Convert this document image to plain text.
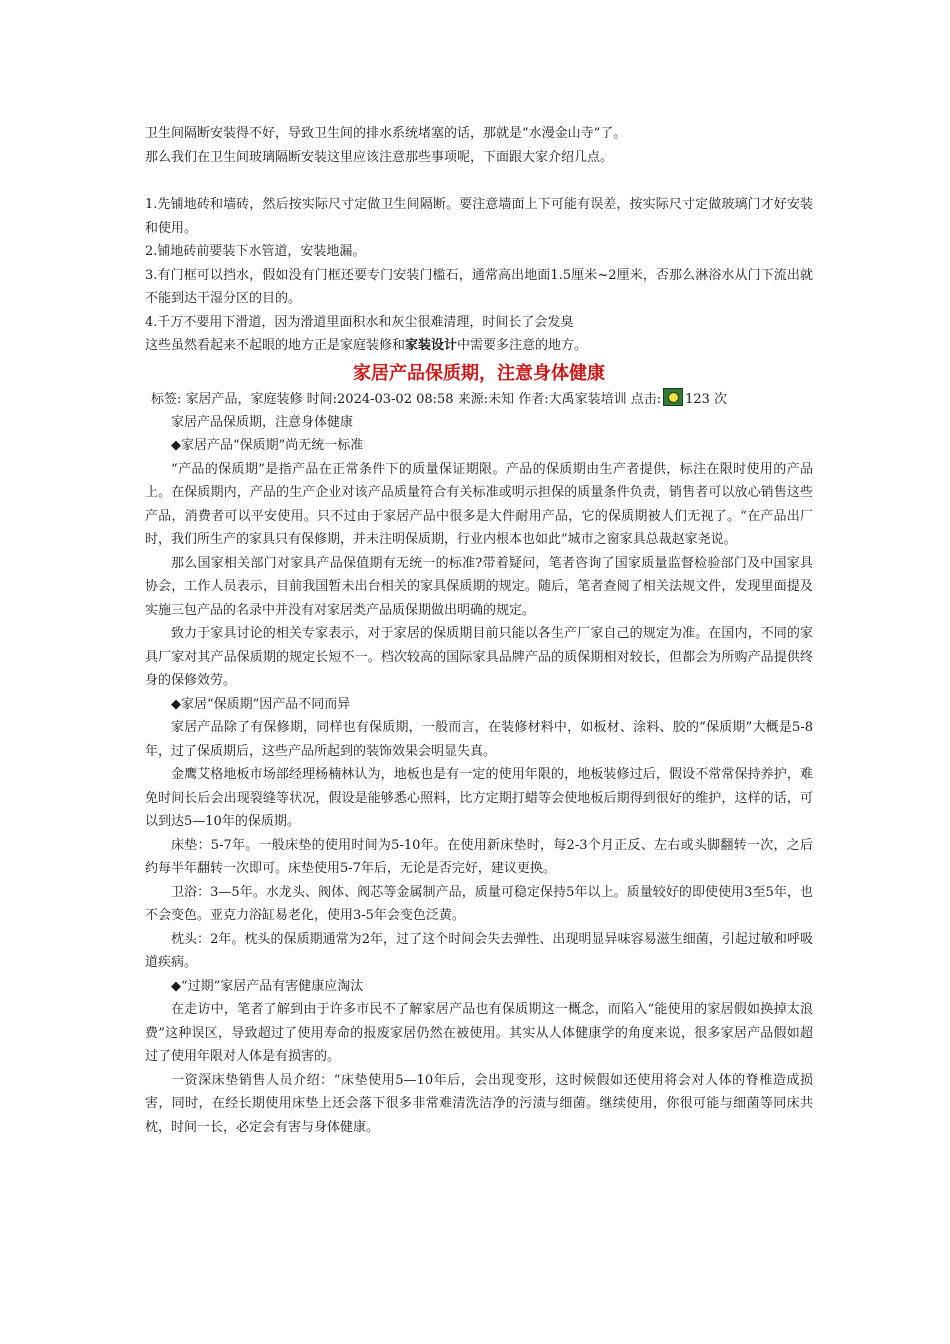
卫生间隔断安装得不好，导致卫生间的排水系统堵塞的话，那就是“水漫金山寺”了。

那么我们在卫生间玻璃隔断安装这里应该注意那些事项呢，下面跟大家介绍几点。

1.先铺地砖和墙砖，然后按实际尺寸定做卫生间隔断。要注意墙面上下可能有误差，按实际尺寸定做玻璃门才好安装和使用。

2.铺地砖前要装下水管道，安装地漏。

3.有门框可以挡水，假如没有门框还要专门安装门槛石，通常高出地面1.5厘米~2厘米，否那么淋浴水从门下流出就不能到达干湿分区的目的。

4.千万不要用下滑道，因为滑道里面积水和灰尘很难清理，时间长了会发臭

这些虽然看起来不起眼的地方正是家庭装修和家装设计中需要多注意的地方。

家居产品保质期，注意身体健康

标签: 家居产品，家庭装修 时间:2024-03-02 08:58 来源:未知 作者:大禹家装培训 点击: 123 次

家居产品保质期，注意身体健康

◆家居产品“保质期”尚无统一标准

“产品的保质期”是指产品在正常条件下的质量保证期限。产品的保质期由生产者提供，标注在限时使用的产品上。在保质期内，产品的生产企业对该产品质量符合有关标准或明示担保的质量条件负责，销售者可以放心销售这些产品，消费者可以平安使用。只不过由于家居产品中很多是大件耐用产品，它的保质期被人们无视了。“在产品出厂时，我们所生产的家具只有保修期，并未注明保质期，行业内根本也如此”城市之窗家具总裁赵家尧说。

那么国家相关部门对家具产品保值期有无统一的标准?带着疑问，笔者咨询了国家质量监督检验部门及中国家具协会，工作人员表示，目前我国暂未出台相关的家具保质期的规定。随后，笔者查阅了相关法规文件，发现里面提及实施三包产品的名录中并没有对家居类产品质保期做出明确的规定。

致力于家具讨论的相关专家表示，对于家居的保质期目前只能以各生产厂家自己的规定为准。在国内，不同的家具厂家对其产品保质期的规定长短不一。档次较高的国际家具品牌产品的质保期相对较长，但都会为所购产品提供终身的保修效劳。

◆家居“保质期”因产品不同而异

家居产品除了有保修期，同样也有保质期，一般而言，在装修材料中，如板材、涂料、胶的“保质期”大概是5-8年，过了保质期后，这些产品所起到的装饰效果会明显失真。

金鹰艾格地板市场部经理杨楠林认为，地板也是有一定的使用年限的，地板装修过后，假设不常常保持养护，难免时间长后会出现裂缝等状况，假设是能够悉心照料，比方定期打蜡等会使地板后期得到很好的维护，这样的话，可以到达5—10年的保质期。

床垫：5-7年。一般床垫的使用时间为5-10年。在使用新床垫时，每2-3个月正反、左右或头脚翻转一次，之后约每半年翻转一次即可。床垫使用5-7年后，无论是否完好，建议更换。

卫浴：3—5年。水龙头、阀体、阀芯等金属制产品，质量可稳定保持5年以上。质量较好的即使使用3至5年，也不会变色。亚克力浴缸易老化，使用3-5年会变色泛黄。

枕头：2年。枕头的保质期通常为2年，过了这个时间会失去弹性、出现明显异味容易滋生细菌，引起过敏和呼吸道疾病。

◆“过期”家居产品有害健康应淘汰

在走访中，笔者了解到由于许多市民不了解家居产品也有保质期这一概念，而陷入“能使用的家居假如换掉太浪费”这种误区，导致超过了使用寿命的报废家居仍然在被使用。其实从人体健康学的角度来说，很多家居产品假如超过了使用年限对人体是有损害的。

一资深床垫销售人员介绍：“床垫使用5—10年后，会出现变形，这时候假如还使用将会对人体的脊椎造成损害，同时，在经长期使用床垫上还会落下很多非常难清洗洁净的污渍与细菌。继续使用，你很可能与细菌等同床共枕，时间一长，必定会有害与身体健康。
